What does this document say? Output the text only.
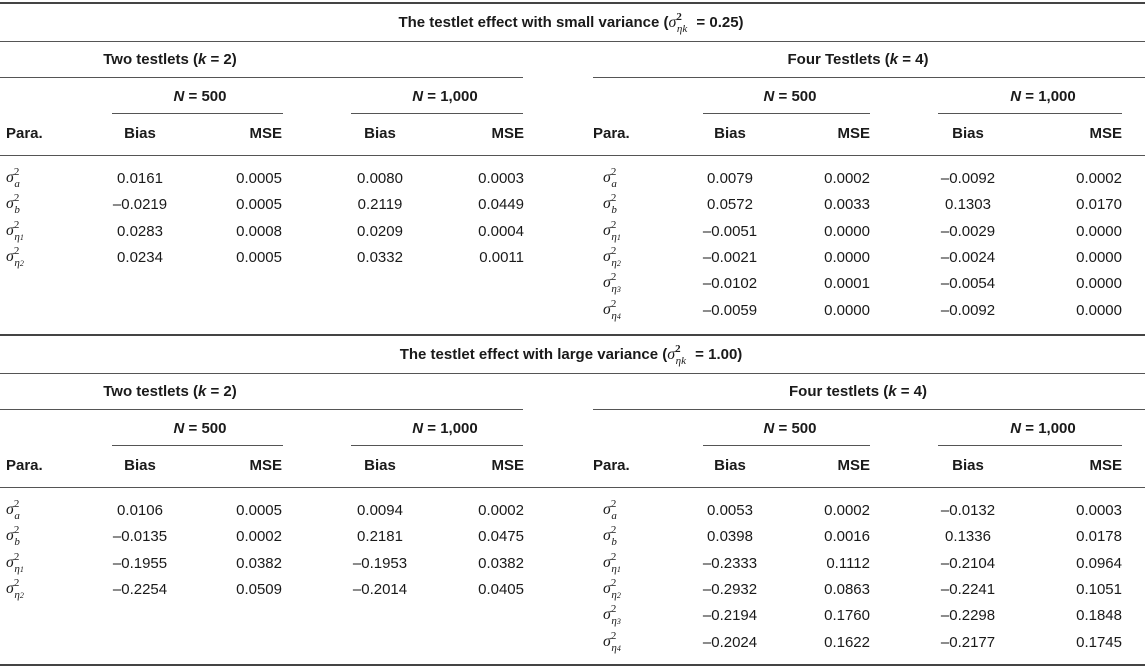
The testlet effect with small variance $(\sigma^2_{\eta k} = 0.25)$
Two testlets (k = 2)	Four Testlets (k = 4)
N = 500	N = 1,000	N = 500	N = 1,000
Para.	Bias	MSE	Bias	MSE	Para.	Bias	MSE	Bias	MSE
$\sigma^2_a$	0.0161	0.0005	0.0080	0.0003
$\sigma^2_b$	–0.0219	0.0005	0.2119	0.0449
$\sigma^2_{\eta 1}$	0.0283	0.0008	0.0209	0.0004
$\sigma^2_{\eta 2}$	0.0234	0.0005	0.0332	0.0011
$\sigma^2_a$	0.0079	0.0002	–0.0092	0.0002
$\sigma^2_b$	0.0572	0.0033	0.1303	0.0170
$\sigma^2_{\eta 1}$	–0.0051	0.0000	–0.0029	0.0000
$\sigma^2_{\eta 2}$	–0.0021	0.0000	–0.0024	0.0000
$\sigma^2_{\eta 3}$	–0.0102	0.0001	–0.0054	0.0000
$\sigma^2_{\eta 4}$	–0.0059	0.0000	–0.0092	0.0000
The testlet effect with large variance $(\sigma^2_{\eta k} = 1.00)$
Two testlets (k = 2)	Four testlets (k = 4)
N = 500	N = 1,000	N = 500	N = 1,000
Para.	Bias	MSE	Bias	MSE	Para.	Bias	MSE	Bias	MSE
$\sigma^2_a$	0.0106	0.0005	0.0094	0.0002
$\sigma^2_b$	–0.0135	0.0002	0.2181	0.0475
$\sigma^2_{\eta 1}$	–0.1955	0.0382	–0.1953	0.0382
$\sigma^2_{\eta 2}$	–0.2254	0.0509	–0.2014	0.0405
$\sigma^2_a$	0.0053	0.0002	–0.0132	0.0003
$\sigma^2_b$	0.0398	0.0016	0.1336	0.0178
$\sigma^2_{\eta 1}$	–0.2333	0.1112	–0.2104	0.0964
$\sigma^2_{\eta 2}$	–0.2932	0.0863	–0.2241	0.1051
$\sigma^2_{\eta 3}$	–0.2194	0.1760	–0.2298	0.1848
$\sigma^2_{\eta 4}$	–0.2024	0.1622	–0.2177	0.1745
